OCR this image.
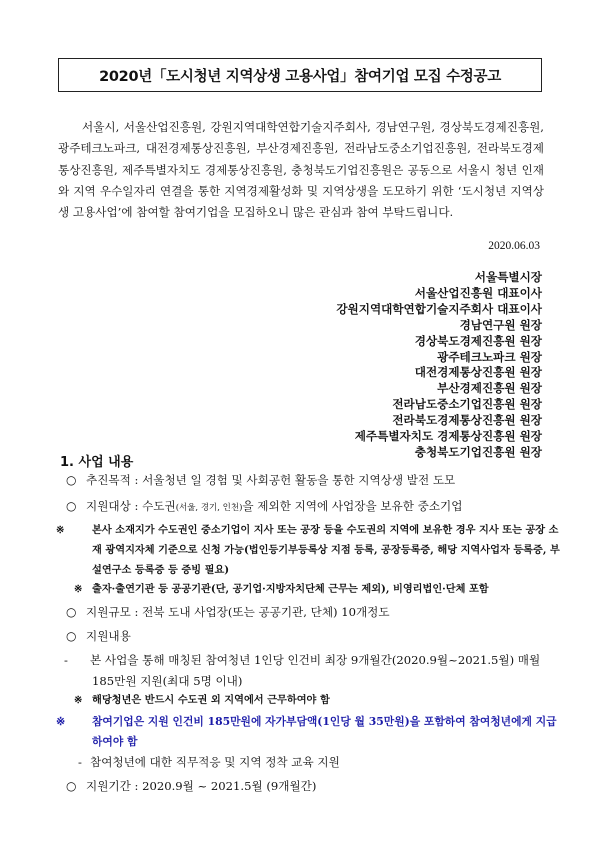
2020년「도시청년 지역상생 고용사업」참여기업 모집 수정공고

서울시, 서울산업진흥원, 강원지역대학연합기술지주회사, 경남연구원, 경상북도경제진흥원, 광주테크노파크, 대전경제통상진흥원, 부산경제진흥원, 전라남도중소기업진흥원, 전라북도경제통상진흥원, 제주특별자치도 경제통상진흥원, 충청북도기업진흥원은 공동으로 서울시 청년 인재와 지역 우수일자리 연결을 통한 지역경제활성화 및 지역상생을 도모하기 위한 ‘도시청년 지역상생 고용사업’에 참여할 참여기업을 모집하오니 많은 관심과 참여 부탁드립니다.

2020.06.03
서울특별시장
서울산업진흥원 대표이사
강원지역대학연합기술지주회사 대표이사
경남연구원 원장
경상북도경제진흥원 원장
광주테크노파크 원장
대전경제통상진흥원 원장
부산경제진흥원 원장
전라남도중소기업진흥원 원장
전라북도경제통상진흥원 원장
제주특별자치도 경제통상진흥원 원장
충청북도기업진흥원 원장
1. 사업 내용
○ 추진목적 : 서울청년 일 경험 및 사회공헌 활동을 통한 지역상생 발전 도모
○ 지원대상 : 수도권(서울, 경기, 인천)을 제외한 지역에 사업장을 보유한 중소기업
※	본사 소재지가 수도권인 중소기업이 지사 또는 공장 등을 수도권의 지역에 보유한 경우 지사 또는 공장 소재 광역지자체 기준으로 신청 가능(법인등기부등록상 지점 등록, 공장등록증, 해당 지역사업자 등록증, 부설연구소 등록증 등 증빙 필요)
※ 출자·출연기관 등 공공기관(단, 공기업·지방자치단체 근무는 제외), 비영리법인·단체 포함
○ 지원규모 : 전북 도내 사업장(또는 공공기관, 단체) 10개정도
○ 지원내용
- 본 사업을 통해 매칭된 참여청년 1인당 인건비 최장 9개월간(2020.9월~2021.5월) 매월 185만원 지원(최대 5명 이내)
※ 해당청년은 반드시 수도권 외 지역에서 근무하여야 함
※ 참여기업은 지원 인건비 185만원에 자가부담액(1인당 월 35만원)을 포함하여 참여청년에게 지급하여야 함
- 참여청년에 대한 직무적응 및 지역 정착 교육 지원
○ 지원기간 : 2020.9월 ~ 2021.5월 (9개월간)
